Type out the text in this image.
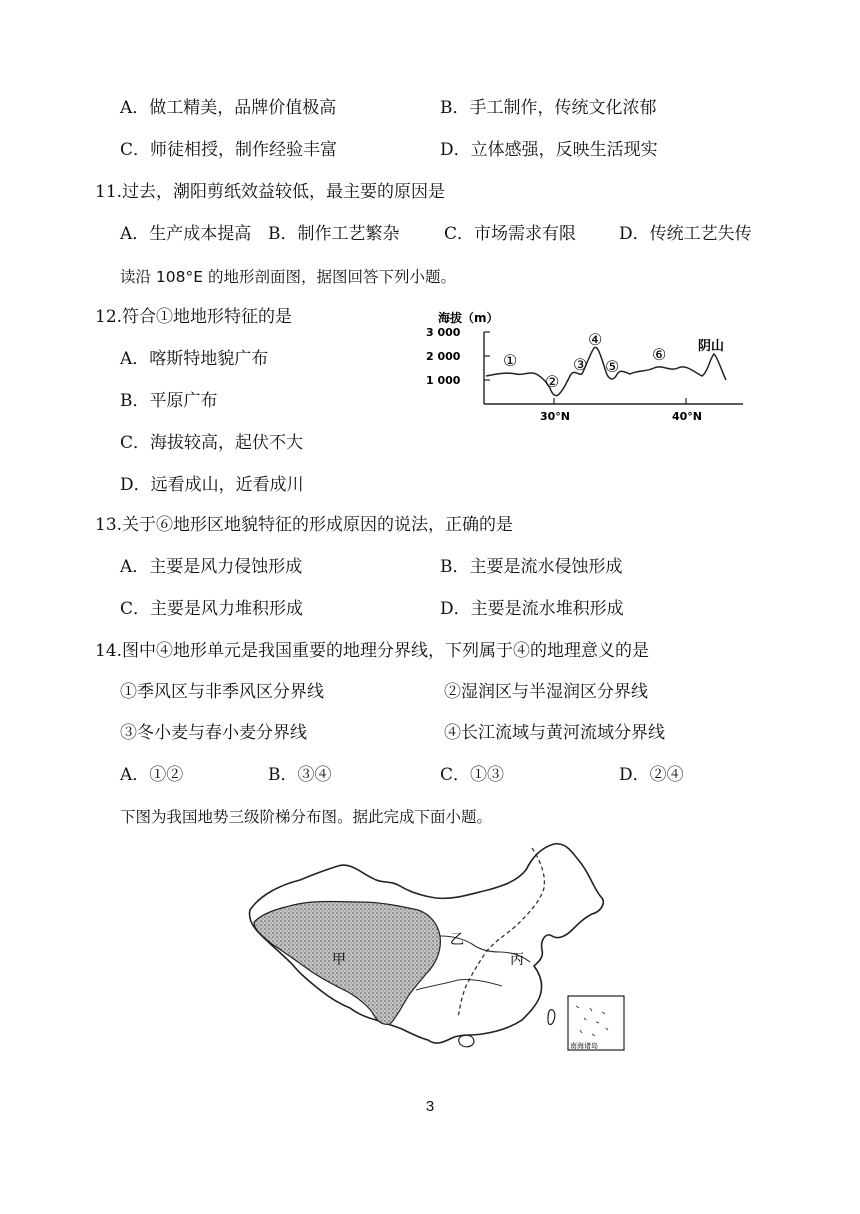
A．做工精美，品牌价值极高	B．手工制作，传统文化浓郁
C．师徒相授，制作经验丰富	D．立体感强，反映生活现实
11.过去，潮阳剪纸效益较低，最主要的原因是
A．生产成本提高 B．制作工艺繁杂	C．市场需求有限	D．传统工艺失传
读沿 108°E 的地形剖面图，据图回答下列小题。
12.符合①地地形特征的是
A．喀斯特地貌广布
B．平原广布
C．海拔较高，起伏不大
D．远看成山，近看成川
海拔（m）
3 000
2 000
1 000
①
②
③
④
⑤
⑥ 阴山
30°N	40°N
13.关于⑥地形区地貌特征的形成原因的说法，正确的是
A．主要是风力侵蚀形成	B．主要是流水侵蚀形成
C．主要是风力堆积形成	D．主要是流水堆积形成
14.图中④地形单元是我国重要的地理分界线，下列属于④的地理意义的是
①季风区与非季风区分界线	②湿润区与半湿润区分界线
③冬小麦与春小麦分界线	④长江流域与黄河流域分界线
A．①②	B．③④	C．①③	D．②④
下图为我国地势三级阶梯分布图。据此完成下面小题。
甲
乙
丙
南海诸岛
3
